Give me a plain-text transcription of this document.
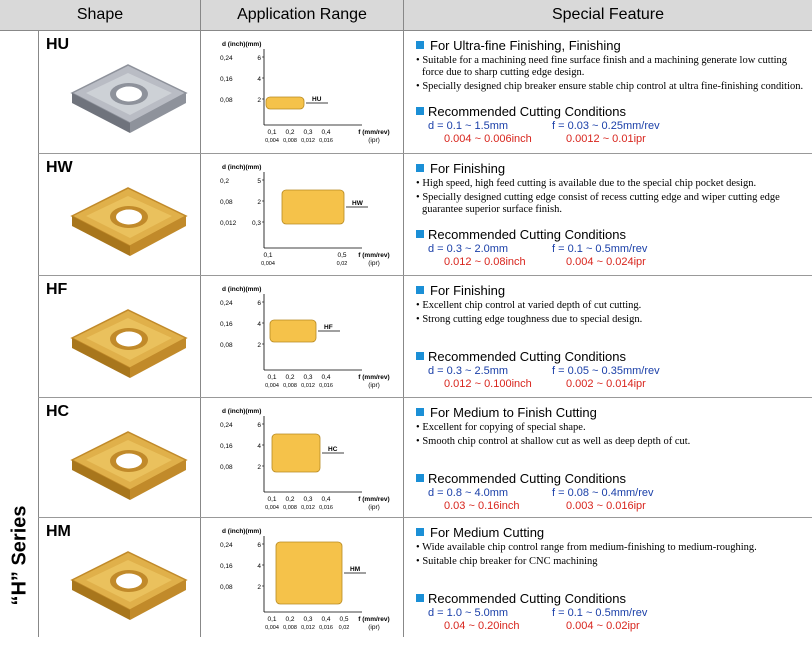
Shape	Application Range	Special Feature
“H” Series
HU	d (inch)(mm)
0,24	6
0,16	4
0,08	2
0,1
0,004
0,2
0,008
0,3
0,012
0,4
0,016
f (mm/rev)
(ipr)
HU
For Ultra-fine Finishing, Finishing
• Suitable for a machining need fine surface finish and a machining generate low cutting force due to sharp cutting edge design.
• Specially designed chip breaker ensure stable chip control at ultra fine-finishing condition.
Recommended Cutting Conditions
d = 0.1 ~ 1.5mm	f = 0.03 ~ 0.25mm/rev
0.004 ~ 0.006inch	0.0012 ~ 0.01ipr
HW	d (inch)(mm)
0,2	5
0,08	2
0,012 0,3
0,1
0,004
0,5
0,02
f (mm/rev)
(ipr)
HW
For Finishing
• High speed, high feed cutting is available due to the special chip pocket design.
• Specially designed cutting edge consist of recess cutting edge and wiper cutting edge guarantee superior surface finish.
Recommended Cutting Conditions
d = 0.3 ~ 2.0mm	f = 0.1 ~ 0.5mm/rev
0.012 ~ 0.08inch	0.004 ~ 0.024ipr
HF	d (inch)(mm)
0,24	6
0,16	4
0,08	2
0,1
0,004
0,2
0,008
0,3
0,012
0,4
0,016
f (mm/rev)
(ipr)
HF
For Finishing
• Excellent chip control at varied depth of cut cutting.
• Strong cutting edge toughness due to special design.
Recommended Cutting Conditions
d = 0.3 ~ 2.5mm	f = 0.05 ~ 0.35mm/rev
0.012 ~ 0.100inch	0.002 ~ 0.014ipr
HC	d (inch)(mm)
0,24	6
0,16	4
0,08	2
0,1
0,004
0,2
0,008
0,3
0,012
0,4
0,016
f (mm/rev)
(ipr)
HC
For Medium to Finish Cutting
• Excellent for copying of special shape.
• Smooth chip control at shallow cut as well as deep depth of cut.
Recommended Cutting Conditions
d = 0.8 ~ 4.0mm	f = 0.08 ~ 0.4mm/rev
0.03 ~ 0.16inch	0.003 ~ 0.016ipr
HM	d (inch)(mm)
0,24	6
0,16	4
0,08	2
0,1
0,004
0,2
0,008
0,3
0,012
0,4
0,016
0,5
0,02
f (mm/rev)
(ipr)
HM
For Medium Cutting
• Wide available chip control range from medium-finishing to medium-roughing.
• Suitable chip breaker for CNC machining
Recommended Cutting Conditions
d = 1.0 ~ 5.0mm	f = 0.1 ~ 0.5mm/rev
0.04 ~ 0.20inch	0.004 ~ 0.02ipr
